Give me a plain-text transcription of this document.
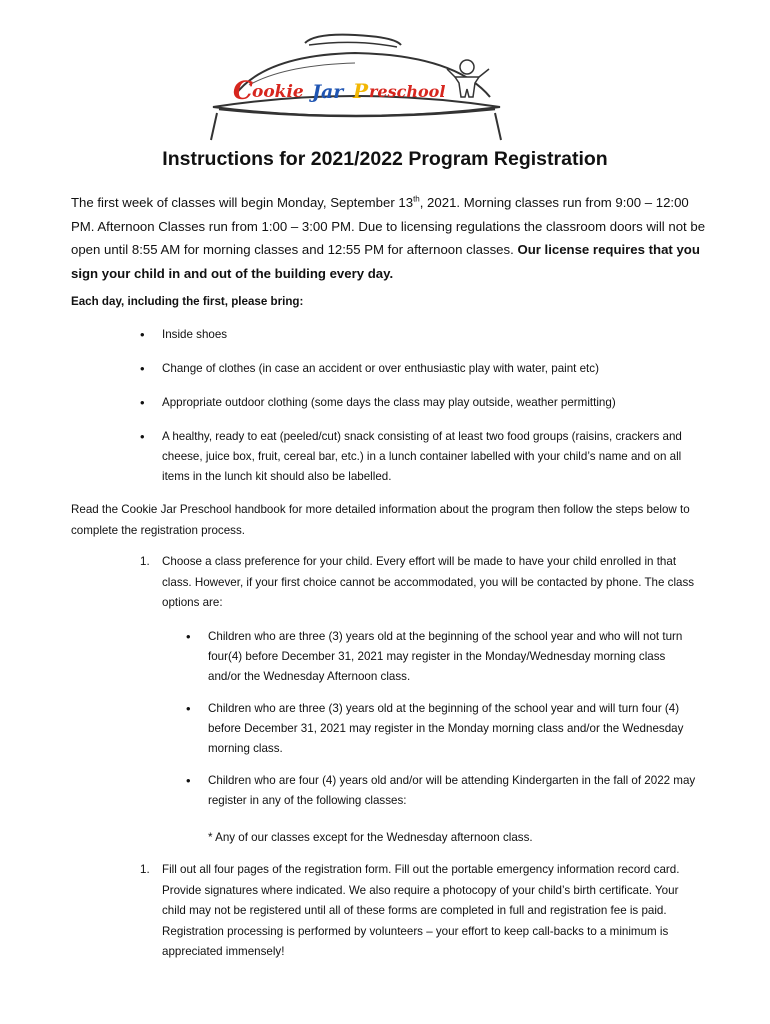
C ookie Jar P reschool
Instructions for 2021/2022 Program Registration

The first week of classes will begin Monday, September 13th, 2021. Morning classes run from 9:00 – 12:00 PM. Afternoon Classes run from 1:00 – 3:00 PM. Due to licensing regulations the classroom doors will not be open until 8:55 AM for morning classes and 12:55 PM for afternoon classes. Our license requires that you sign your child in and out of the building every day.

Each day, including the first, please bring:

• Inside shoes
• Change of clothes (in case an accident or over enthusiastic play with water, paint etc)
• Appropriate outdoor clothing (some days the class may play outside, weather permitting)
• A healthy, ready to eat (peeled/cut) snack consisting of at least two food groups (raisins, crackers and cheese, juice box, fruit, cereal bar, etc.) in a lunch container labelled with your child’s name and on all items in the lunch kit should also be labelled.

Read the Cookie Jar Preschool handbook for more detailed information about the program then follow the steps below to complete the registration process.

1. Choose a class preference for your child. Every effort will be made to have your child enrolled in that class. However, if your first choice cannot be accommodated, you will be contacted by phone. The class options are:
• Children who are three (3) years old at the beginning of the school year and who will not turn four(4) before December 31, 2021 may register in the Monday/Wednesday morning class and/or the Wednesday Afternoon class.
• Children who are three (3) years old at the beginning of the school year and will turn four (4) before December 31, 2021 may register in the Monday morning class and/or the Wednesday morning class.
• Children who are four (4) years old and/or will be attending Kindergarten in the fall of 2022 may register in any of the following classes:

* Any of our classes except for the Wednesday afternoon class.

1. Fill out all four pages of the registration form. Fill out the portable emergency information record card. Provide signatures where indicated. We also require a photocopy of your child’s birth certificate. Your child may not be registered until all of these forms are completed in full and registration fee is paid. Registration processing is performed by volunteers – your effort to keep call-backs to a minimum is appreciated immensely!
